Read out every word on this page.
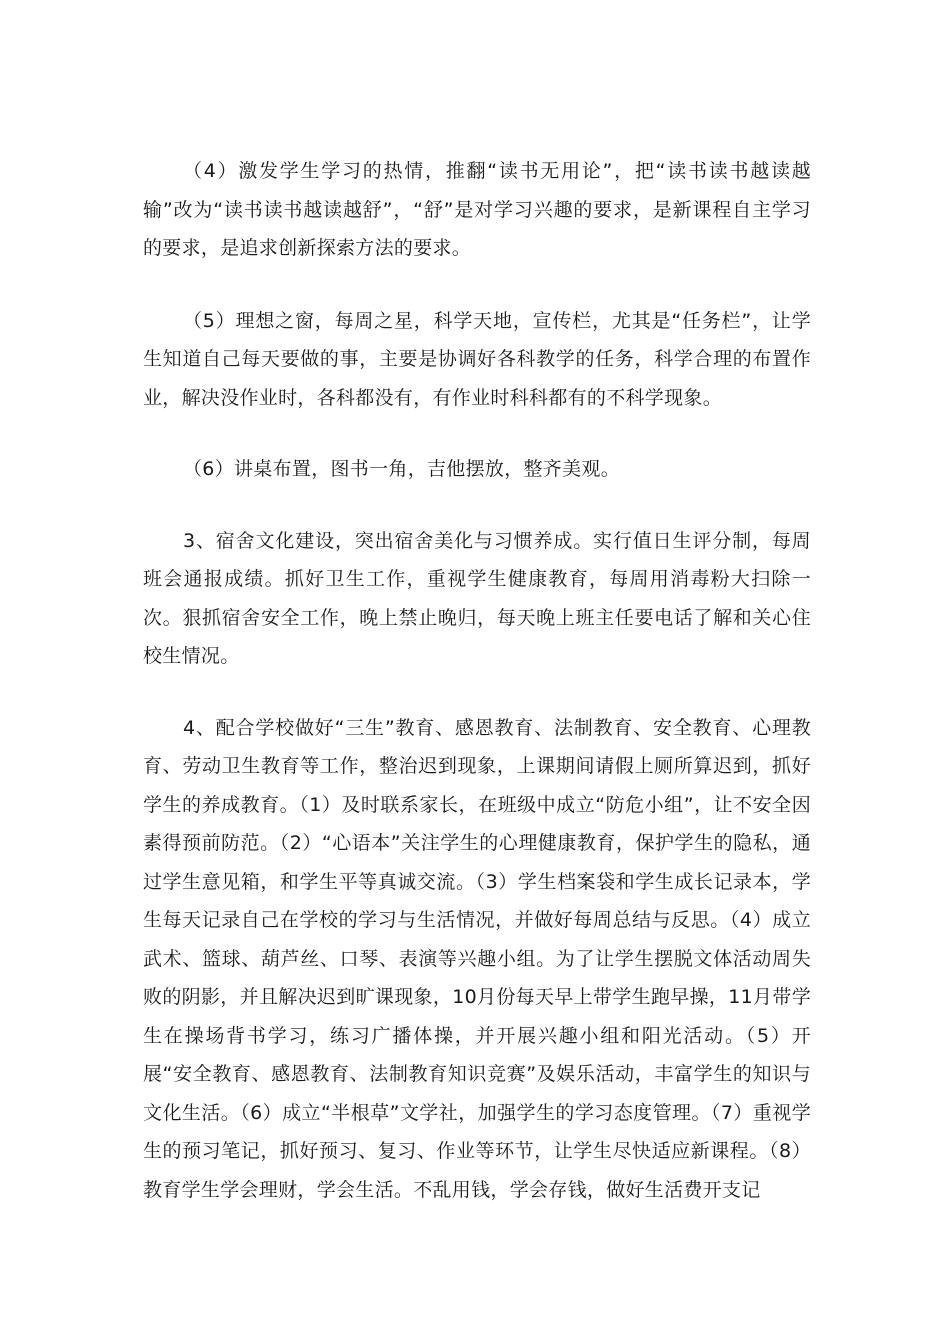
（4）激发学生学习的热情，推翻“读书无用论”，把“读书读书越读越输”改为“读书读书越读越舒”，“舒”是对学习兴趣的要求，是新课程自主学习的要求，是追求创新探索方法的要求。

（5）理想之窗，每周之星，科学天地，宣传栏，尤其是“任务栏”，让学生知道自己每天要做的事，主要是协调好各科教学的任务，科学合理的布置作业，解决没作业时，各科都没有，有作业时科科都有的不科学现象。

（6）讲桌布置，图书一角，吉他摆放，整齐美观。

3、宿舍文化建设，突出宿舍美化与习惯养成。实行值日生评分制，每周班会通报成绩。抓好卫生工作，重视学生健康教育，每周用消毒粉大扫除一次。狠抓宿舍安全工作，晚上禁止晚归，每天晚上班主任要电话了解和关心住校生情况。

4、配合学校做好“三生”教育、感恩教育、法制教育、安全教育、心理教育、劳动卫生教育等工作，整治迟到现象，上课期间请假上厕所算迟到，抓好学生的养成教育。（1）及时联系家长，在班级中成立“防危小组”，让不安全因素得预前防范。（2）“心语本”关注学生的心理健康教育，保护学生的隐私，通过学生意见箱，和学生平等真诚交流。（3）学生档案袋和学生成长记录本，学生每天记录自己在学校的学习与生活情况，并做好每周总结与反思。（4）成立武术、篮球、葫芦丝、口琴、表演等兴趣小组。为了让学生摆脱文体活动周失败的阴影，并且解决迟到旷课现象，10月份每天早上带学生跑早操，11月带学生在操场背书学习，练习广播体操，并开展兴趣小组和阳光活动。（5）开展“安全教育、感恩教育、法制教育知识竞赛”及娱乐活动，丰富学生的知识与文化生活。（6）成立“半根草”文学社，加强学生的学习态度管理。（7）重视学生的预习笔记，抓好预习、复习、作业等环节，让学生尽快适应新课程。（8）教育学生学会理财，学会生活。不乱用钱，学会存钱，做好生活费开支记
